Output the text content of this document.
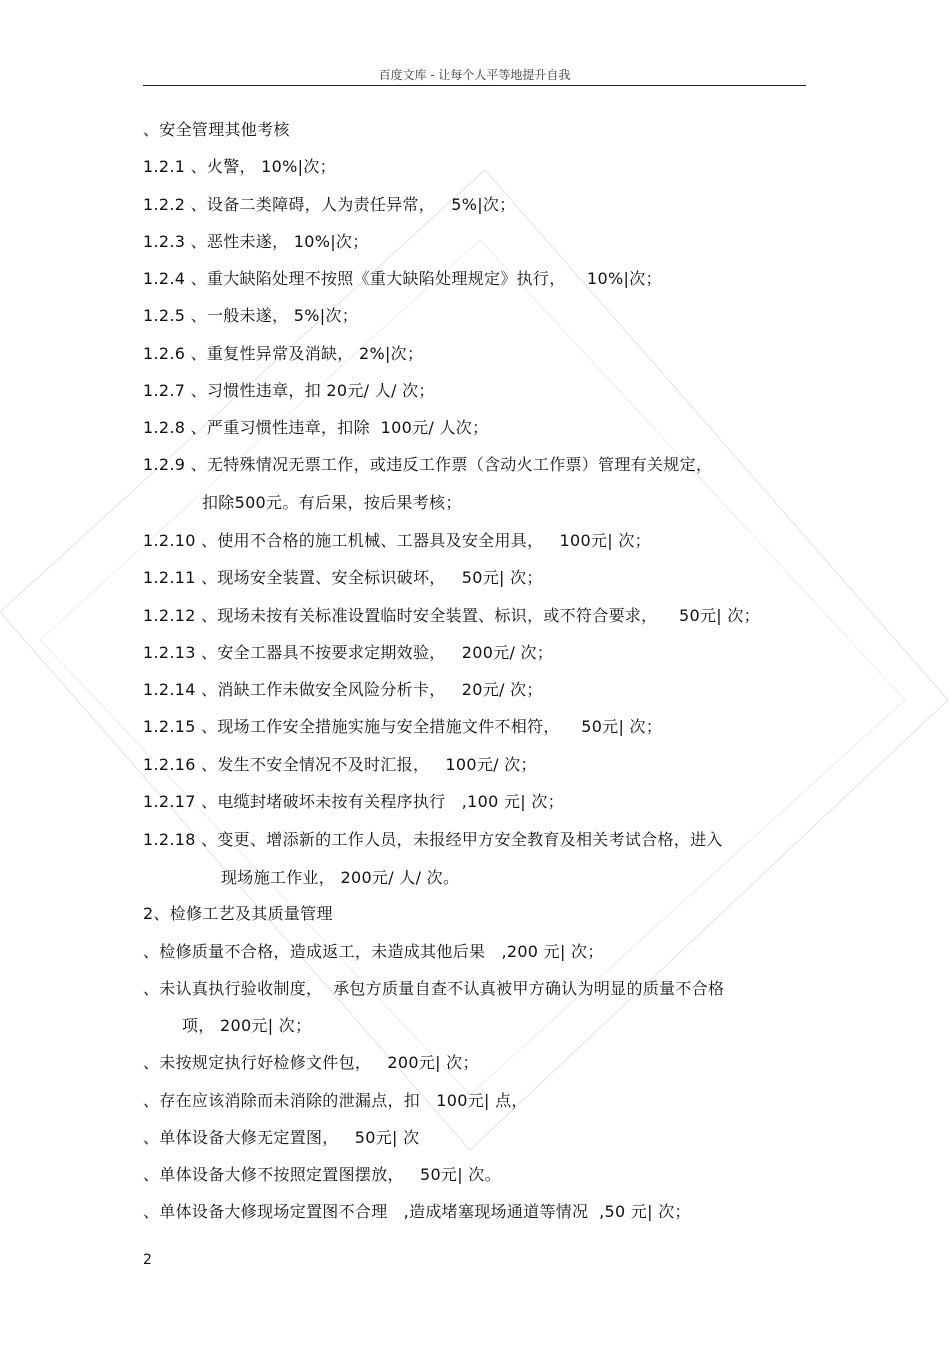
百度文库 - 让每个人平等地提升自我
、安全管理其他考核
1.2.1 、火警， 10%|次；
1.2.2 、设备二类障碍，人为责任异常，   5%|次；
1.2.3 、恶性未遂， 10%|次；
1.2.4 、重大缺陷处理不按照《重大缺陷处理规定》执行，    10%|次；
1.2.5 、一般未遂， 5%|次；
1.2.6 、重复性异常及消缺， 2%|次；
1.2.7 、习惯性违章，扣 20元/ 人/ 次；
1.2.8 、严重习惯性违章，扣除  100元/ 人次；
1.2.9 、无特殊情况无票工作，或违反工作票（含动火工作票）管理有关规定，
扣除500元。有后果，按后果考核；
1.2.10 、使用不合格的施工机械、工器具及安全用具，   100元| 次；
1.2.11 、现场安全装置、安全标识破坏，   50元| 次；
1.2.12 、现场未按有关标准设置临时安全装置、标识，或不符合要求，    50元| 次；
1.2.13 、安全工器具不按要求定期效验，   200元/ 次；
1.2.14 、消缺工作未做安全风险分析卡，   20元/ 次；
1.2.15 、现场工作安全措施实施与安全措施文件不相符，    50元| 次；
1.2.16 、发生不安全情况不及时汇报，   100元/ 次；
1.2.17 、电缆封堵破坏未按有关程序执行   ,100 元| 次；
1.2.18 、变更、增添新的工作人员，未报经甲方安全教育及相关考试合格，进入
现场施工作业， 200元/ 人/ 次。
2、检修工艺及其质量管理
、检修质量不合格，造成返工，未造成其他后果   ,200 元| 次；
、未认真执行验收制度，  承包方质量自查不认真被甲方确认为明显的质量不合格
项， 200元| 次；
、未按规定执行好检修文件包，   200元| 次；
、存在应该消除而未消除的泄漏点，扣   100元| 点，
、单体设备大修无定置图，   50元| 次
、单体设备大修不按照定置图摆放，   50元| 次。
、单体设备大修现场定置图不合理   ,造成堵塞现场通道等情况  ,50 元| 次；
2
